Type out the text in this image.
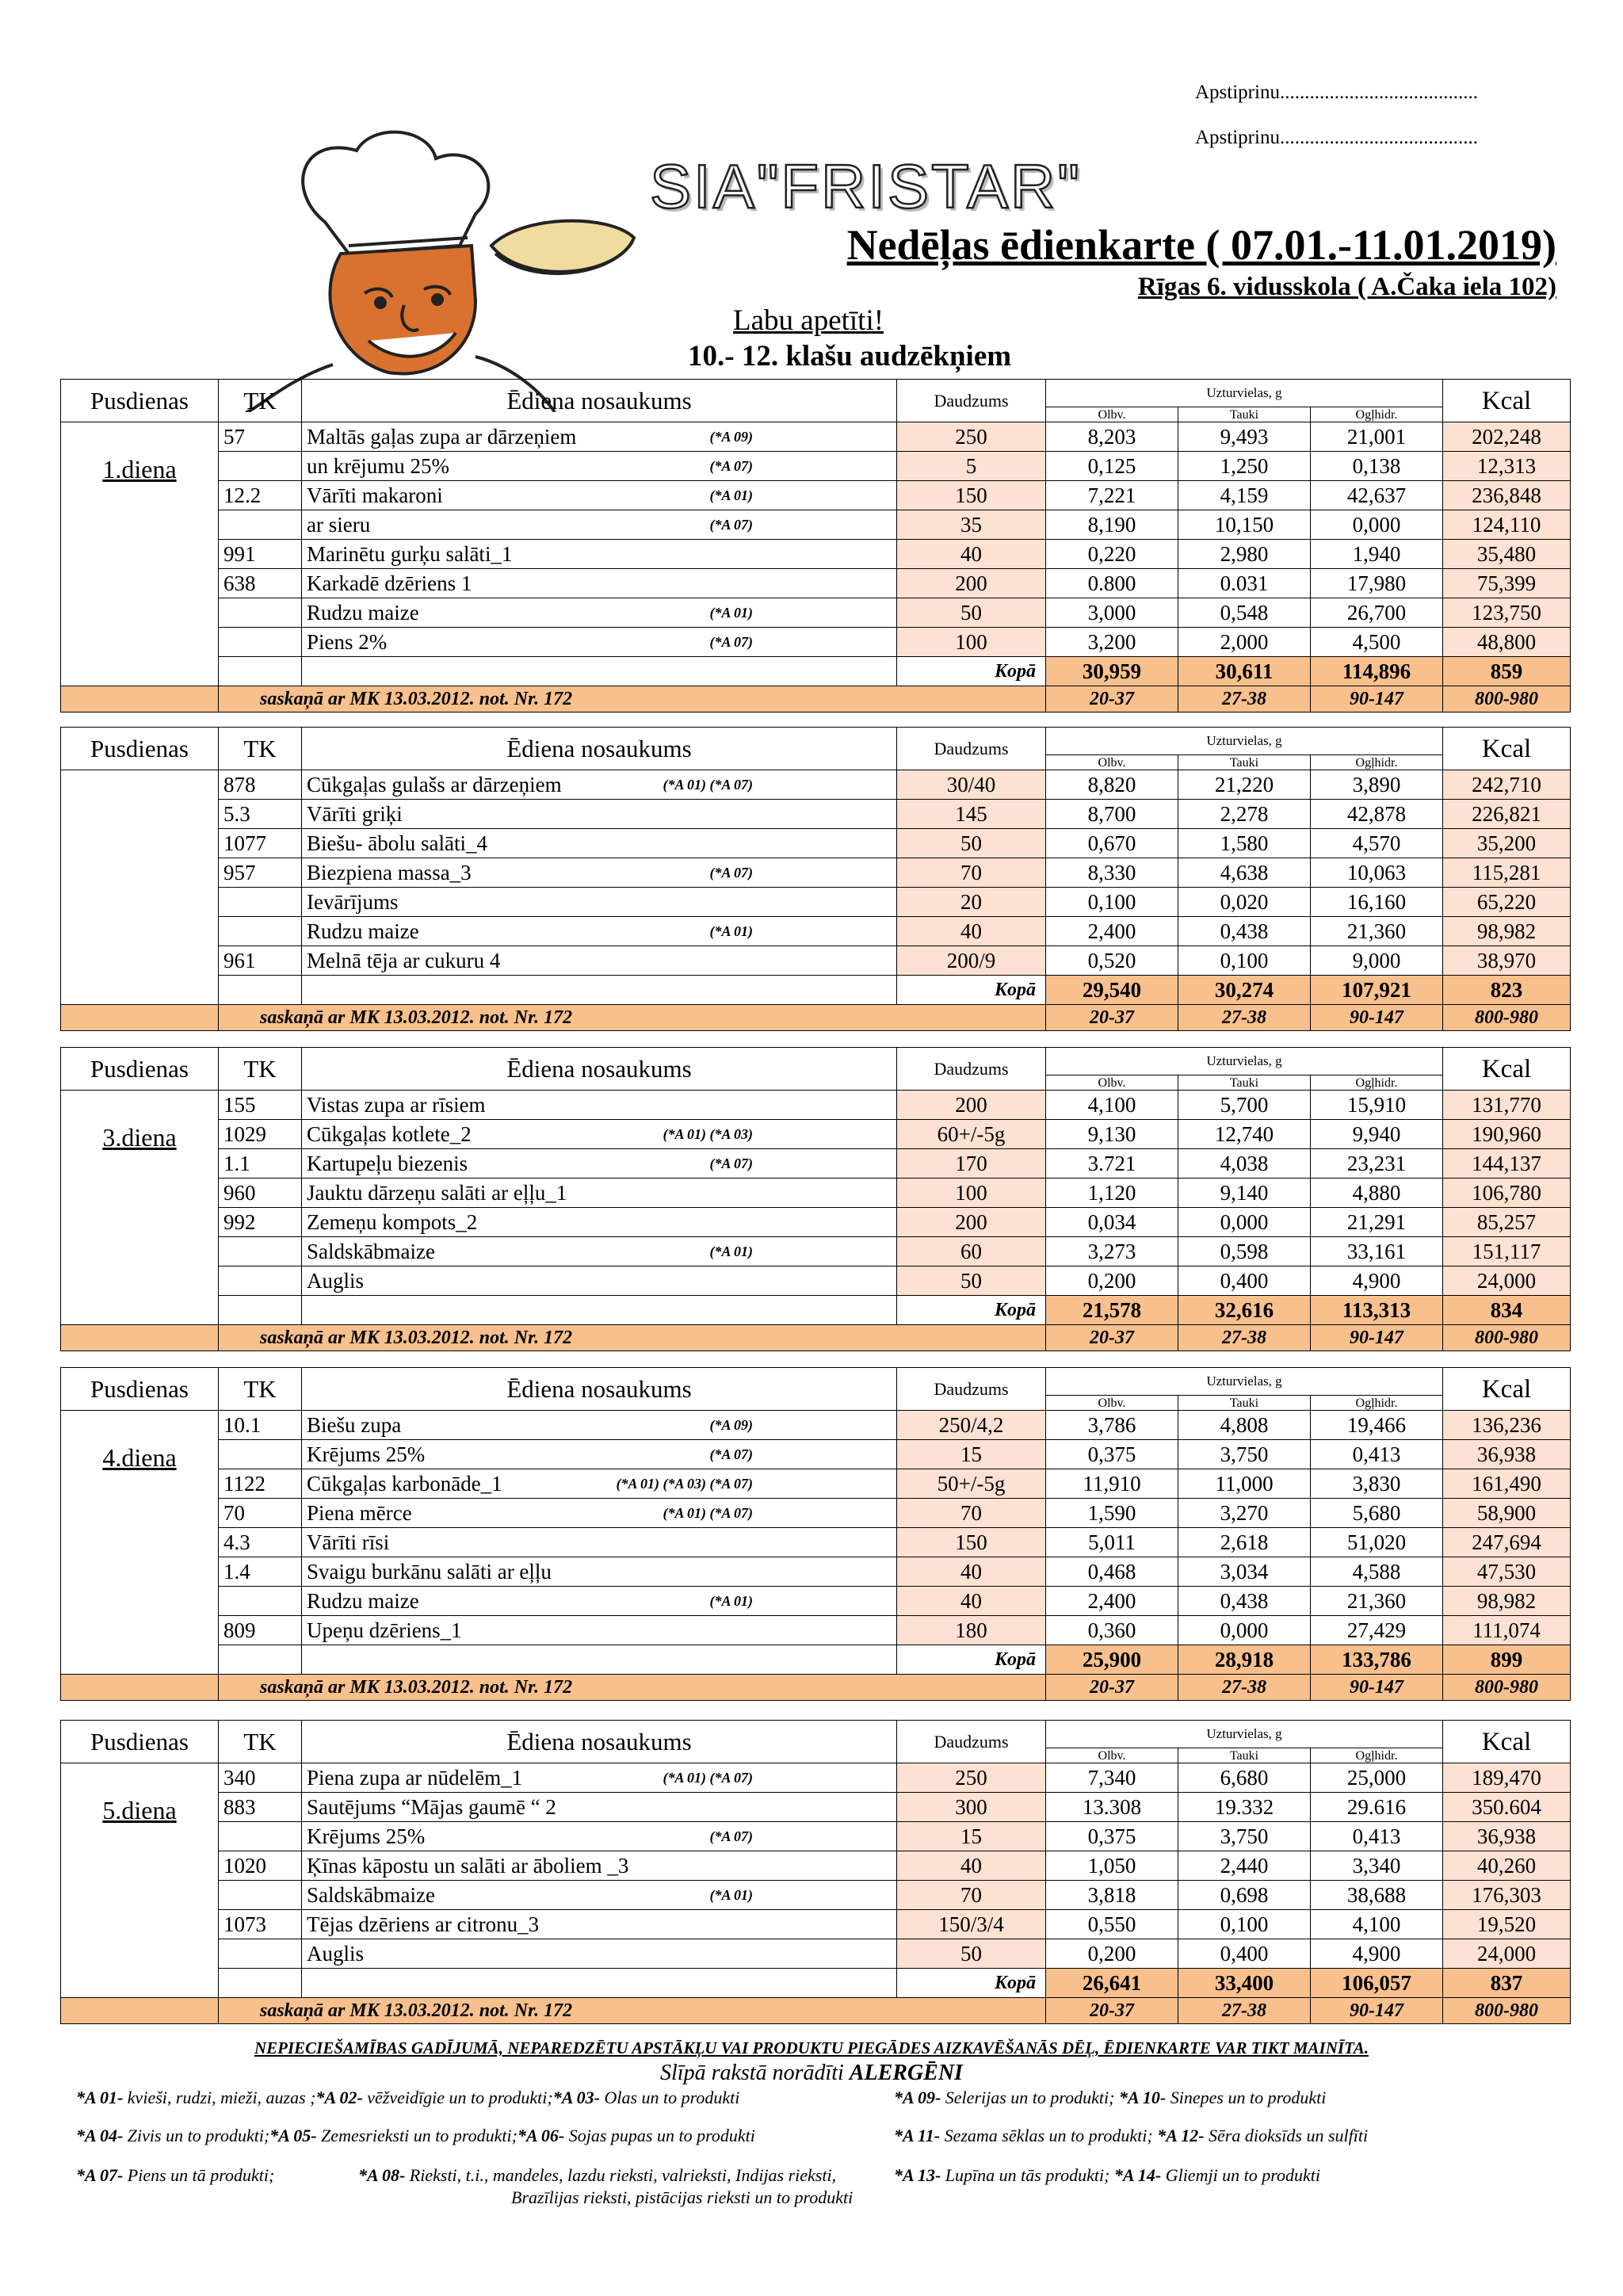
Apstiprinu........................................
Apstiprinu........................................
SIA"FRISTAR"
Nedēļas ēdienkarte ( 07.01.-11.01.2019)
Rīgas 6. vidusskola ( A.Čaka iela 102)
Labu apetīti!
10.- 12. klašu audzēkņiem
Pusdienas	TK	Ēdiena nosaukums	Daudzums	Uzturvielas, g			Kcal
				Olbv.	Tauki	Ogļhidr.	
1.diena	57	Maltās gaļas zupa ar dārzeņiem (*A 09)	250	8,203	9,493	21,001	202,248
		un krējumu 25% (*A 07)	5	0,125	1,250	0,138	12,313
	12.2	Vārīti makaroni (*A 01)	150	7,221	4,159	42,637	236,848
		ar sieru (*A 07)	35	8,190	10,150	0,000	124,110
	991	Marinētu gurķu salāti_1	40	0,220	2,980	1,940	35,480
	638	Karkadē dzēriens 1	200	0.800	0.031	17,980	75,399
		Rudzu maize (*A 01)	50	3,000	0,548	26,700	123,750
		Piens 2% (*A 07)	100	3,200	2,000	4,500	48,800
			Kopā	30,959	30,611	114,896	859
	saskaņā ar MK 13.03.2012. not. Nr. 172			20-37	27-38	90-147	800-980
Pusdienas	TK	Ēdiena nosaukums	Daudzums	Uzturvielas, g			Kcal
				Olbv.	Tauki	Ogļhidr.	
	878	Cūkgaļas gulašs ar dārzeņiem (*A 01) (*A 07)	30/40	8,820	21,220	3,890	242,710
	5.3	Vārīti griķi	145	8,700	2,278	42,878	226,821
	1077	Biešu- ābolu salāti_4	50	0,670	1,580	4,570	35,200
	957	Biezpiena massa_3 (*A 07)	70	8,330	4,638	10,063	115,281
		Ievārījums	20	0,100	0,020	16,160	65,220
		Rudzu maize (*A 01)	40	2,400	0,438	21,360	98,982
	961	Melnā tēja ar cukuru 4	200/9	0,520	0,100	9,000	38,970
			Kopā	29,540	30,274	107,921	823
	saskaņā ar MK 13.03.2012. not. Nr. 172			20-37	27-38	90-147	800-980
Pusdienas	TK	Ēdiena nosaukums	Daudzums	Uzturvielas, g			Kcal
				Olbv.	Tauki	Ogļhidr.	
3.diena	155	Vistas zupa ar rīsiem	200	4,100	5,700	15,910	131,770
	1029	Cūkgaļas kotlete_2 (*A 01) (*A 03)	60+/-5g	9,130	12,740	9,940	190,960
	1.1	Kartupeļu biezenis (*A 07)	170	3.721	4,038	23,231	144,137
	960	Jauktu dārzeņu salāti ar eļļu_1	100	1,120	9,140	4,880	106,780
	992	Zemeņu kompots_2	200	0,034	0,000	21,291	85,257
		Saldskābmaize (*A 01)	60	3,273	0,598	33,161	151,117
		Auglis	50	0,200	0,400	4,900	24,000
			Kopā	21,578	32,616	113,313	834
	saskaņā ar MK 13.03.2012. not. Nr. 172			20-37	27-38	90-147	800-980
Pusdienas	TK	Ēdiena nosaukums	Daudzums	Uzturvielas, g			Kcal
				Olbv.	Tauki	Ogļhidr.	
4.diena	10.1	Biešu zupa (*A 09)	250/4,2	3,786	4,808	19,466	136,236
		Krējums 25% (*A 07)	15	0,375	3,750	0,413	36,938
	1122	Cūkgaļas karbonāde_1 (*A 01) (*A 03) (*A 07)	50+/-5g	11,910	11,000	3,830	161,490
	70	Piena mērce (*A 01) (*A 07)	70	1,590	3,270	5,680	58,900
	4.3	Vārīti rīsi	150	5,011	2,618	51,020	247,694
	1.4	Svaigu burkānu salāti ar eļļu	40	0,468	3,034	4,588	47,530
		Rudzu maize (*A 01)	40	2,400	0,438	21,360	98,982
	809	Upeņu dzēriens_1	180	0,360	0,000	27,429	111,074
			Kopā	25,900	28,918	133,786	899
	saskaņā ar MK 13.03.2012. not. Nr. 172			20-37	27-38	90-147	800-980
Pusdienas	TK	Ēdiena nosaukums	Daudzums	Uzturvielas, g			Kcal
				Olbv.	Tauki	Ogļhidr.	
5.diena	340	Piena zupa ar nūdelēm_1 (*A 01) (*A 07)	250	7,340	6,680	25,000	189,470
	883	Sautējums “Mājas gaumē “ 2	300	13.308	19.332	29.616	350.604
		Krējums 25% (*A 07)	15	0,375	3,750	0,413	36,938
	1020	Ķīnas kāpostu un salāti ar āboliem _3	40	1,050	2,440	3,340	40,260
		Saldskābmaize (*A 01)	70	3,818	0,698	38,688	176,303
	1073	Tējas dzēriens ar citronu_3	150/3/4	0,550	0,100	4,100	19,520
		Auglis	50	0,200	0,400	4,900	24,000
			Kopā	26,641	33,400	106,057	837
	saskaņā ar MK 13.03.2012. not. Nr. 172			20-37	27-38	90-147	800-980
NEPIECIEŠAMĪBAS GADĪJUMĀ, NEPAREDZĒTU APSTĀKĻU VAI PRODUKTU PIEGĀDES AIZKAVĒŠANĀS DĒĻ, ĒDIENKARTE VAR TIKT MAINĪTA.
Slīpā rakstā norādīti ALERGĒNI
*A 01- kvieši, rudzi, mieži, auzas ;*A 02- vēžveidīgie un to produkti;*A 03- Olas un to produkti	*A 09- Selerijas un to produkti; *A 10- Sinepes un to produkti
*A 04- Zivis un to produkti;*A 05- Zemesrieksti un to produkti;*A 06- Sojas pupas un to produkti	*A 11- Sezama sēklas un to produkti; *A 12- Sēra dioksīds un sulfīti
*A 07- Piens un tā produkti;	*A 08- Rieksti, t.i., mandeles, lazdu rieksti, valrieksti, Indijas rieksti,	*A 13- Lupīna un tās produkti; *A 14- Gliemji un to produkti
Brazīlijas rieksti, pistācijas rieksti un to produkti
